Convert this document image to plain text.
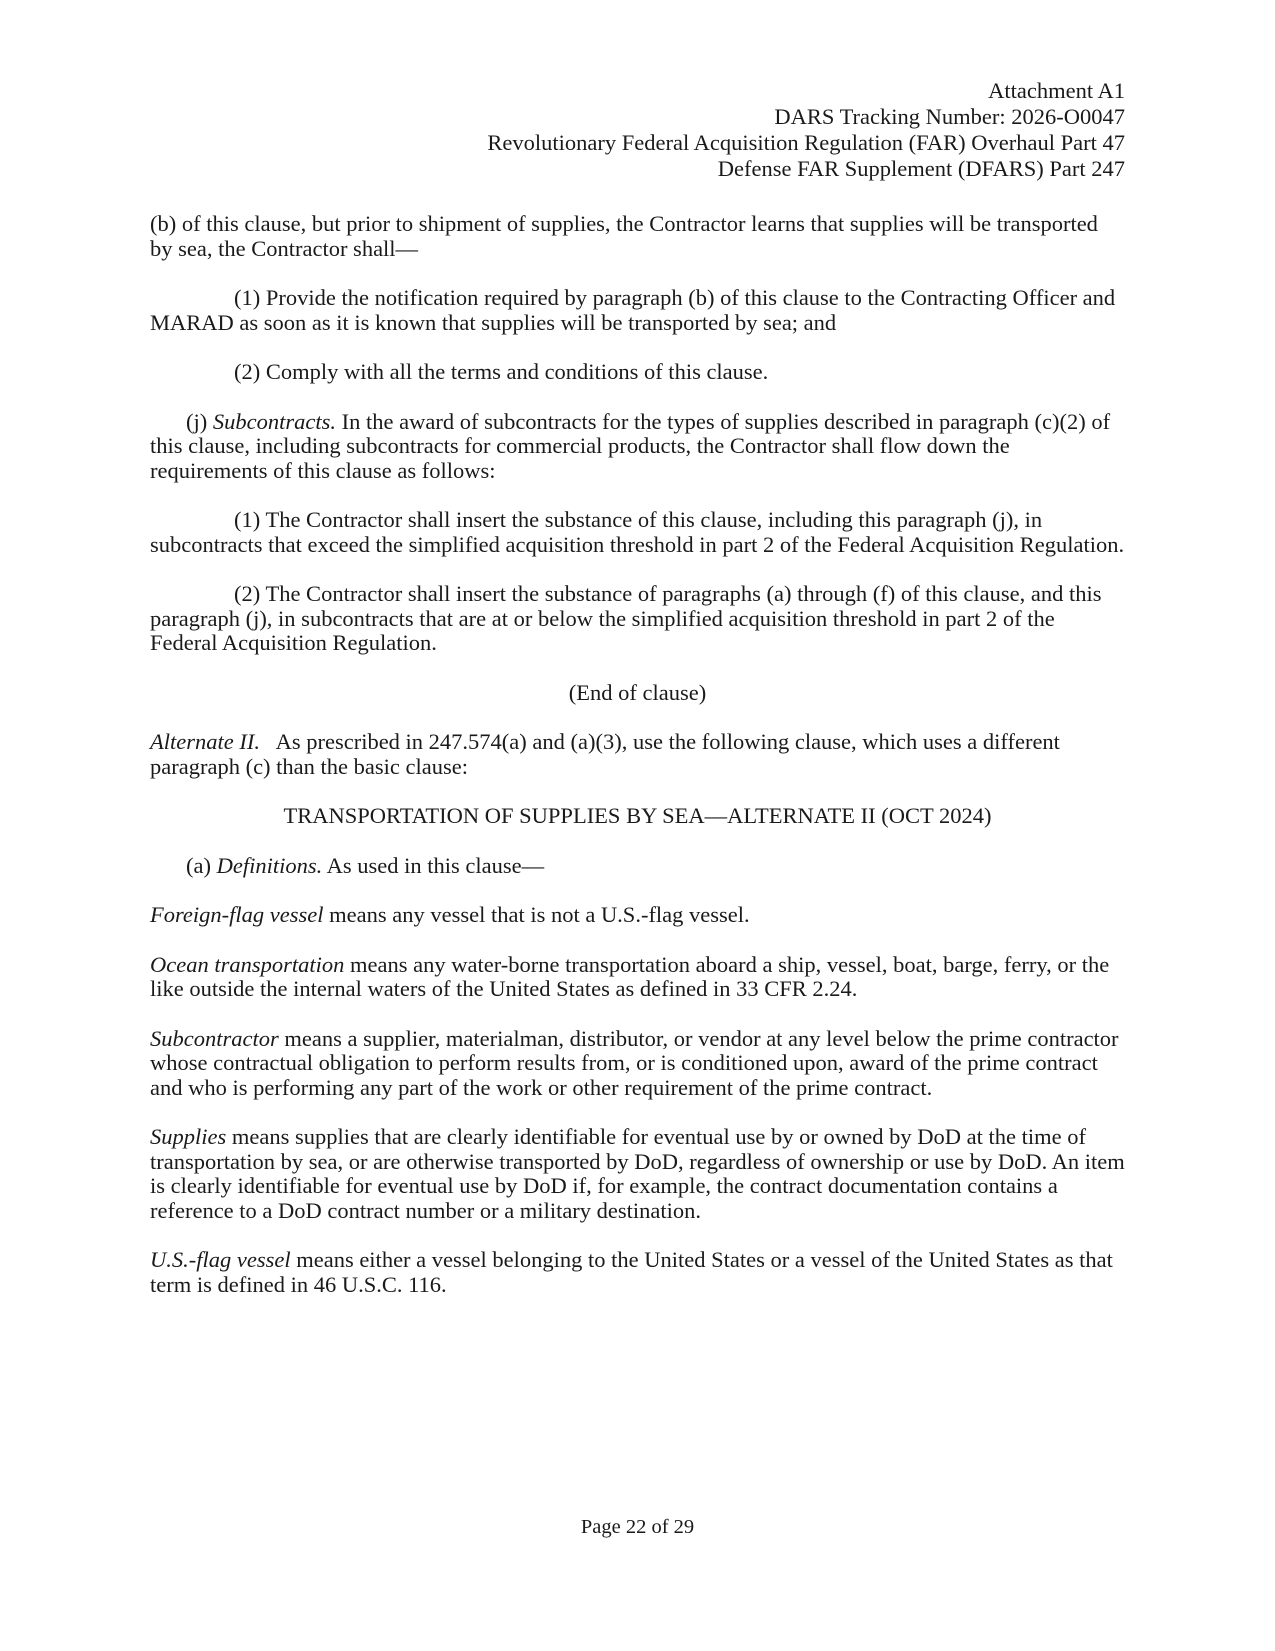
Attachment A1
DARS Tracking Number: 2026-O0047
Revolutionary Federal Acquisition Regulation (FAR) Overhaul Part 47
Defense FAR Supplement (DFARS) Part 247

(b) of this clause, but prior to shipment of supplies, the Contractor learns that supplies will be transported by sea, the Contractor shall—

(1) Provide the notification required by paragraph (b) of this clause to the Contracting Officer and MARAD as soon as it is known that supplies will be transported by sea; and

(2) Comply with all the terms and conditions of this clause.

(j) Subcontracts. In the award of subcontracts for the types of supplies described in paragraph (c)(2) of this clause, including subcontracts for commercial products, the Contractor shall flow down the requirements of this clause as follows:

(1) The Contractor shall insert the substance of this clause, including this paragraph (j), in subcontracts that exceed the simplified acquisition threshold in part 2 of the Federal Acquisition Regulation.

(2) The Contractor shall insert the substance of paragraphs (a) through (f) of this clause, and this paragraph (j), in subcontracts that are at or below the simplified acquisition threshold in part 2 of the Federal Acquisition Regulation.

(End of clause)

Alternate II.   As prescribed in 247.574(a) and (a)(3), use the following clause, which uses a different paragraph (c) than the basic clause:

TRANSPORTATION OF SUPPLIES BY SEA—ALTERNATE II (OCT 2024)

(a) Definitions. As used in this clause—

Foreign-flag vessel means any vessel that is not a U.S.-flag vessel.

Ocean transportation means any water-borne transportation aboard a ship, vessel, boat, barge, ferry, or the like outside the internal waters of the United States as defined in 33 CFR 2.24.

Subcontractor means a supplier, materialman, distributor, or vendor at any level below the prime contractor whose contractual obligation to perform results from, or is conditioned upon, award of the prime contract and who is performing any part of the work or other requirement of the prime contract.

Supplies means supplies that are clearly identifiable for eventual use by or owned by DoD at the time of transportation by sea, or are otherwise transported by DoD, regardless of ownership or use by DoD. An item is clearly identifiable for eventual use by DoD if, for example, the contract documentation contains a reference to a DoD contract number or a military destination.

U.S.-flag vessel means either a vessel belonging to the United States or a vessel of the United States as that term is defined in 46 U.S.C. 116.

Page 22 of 29
